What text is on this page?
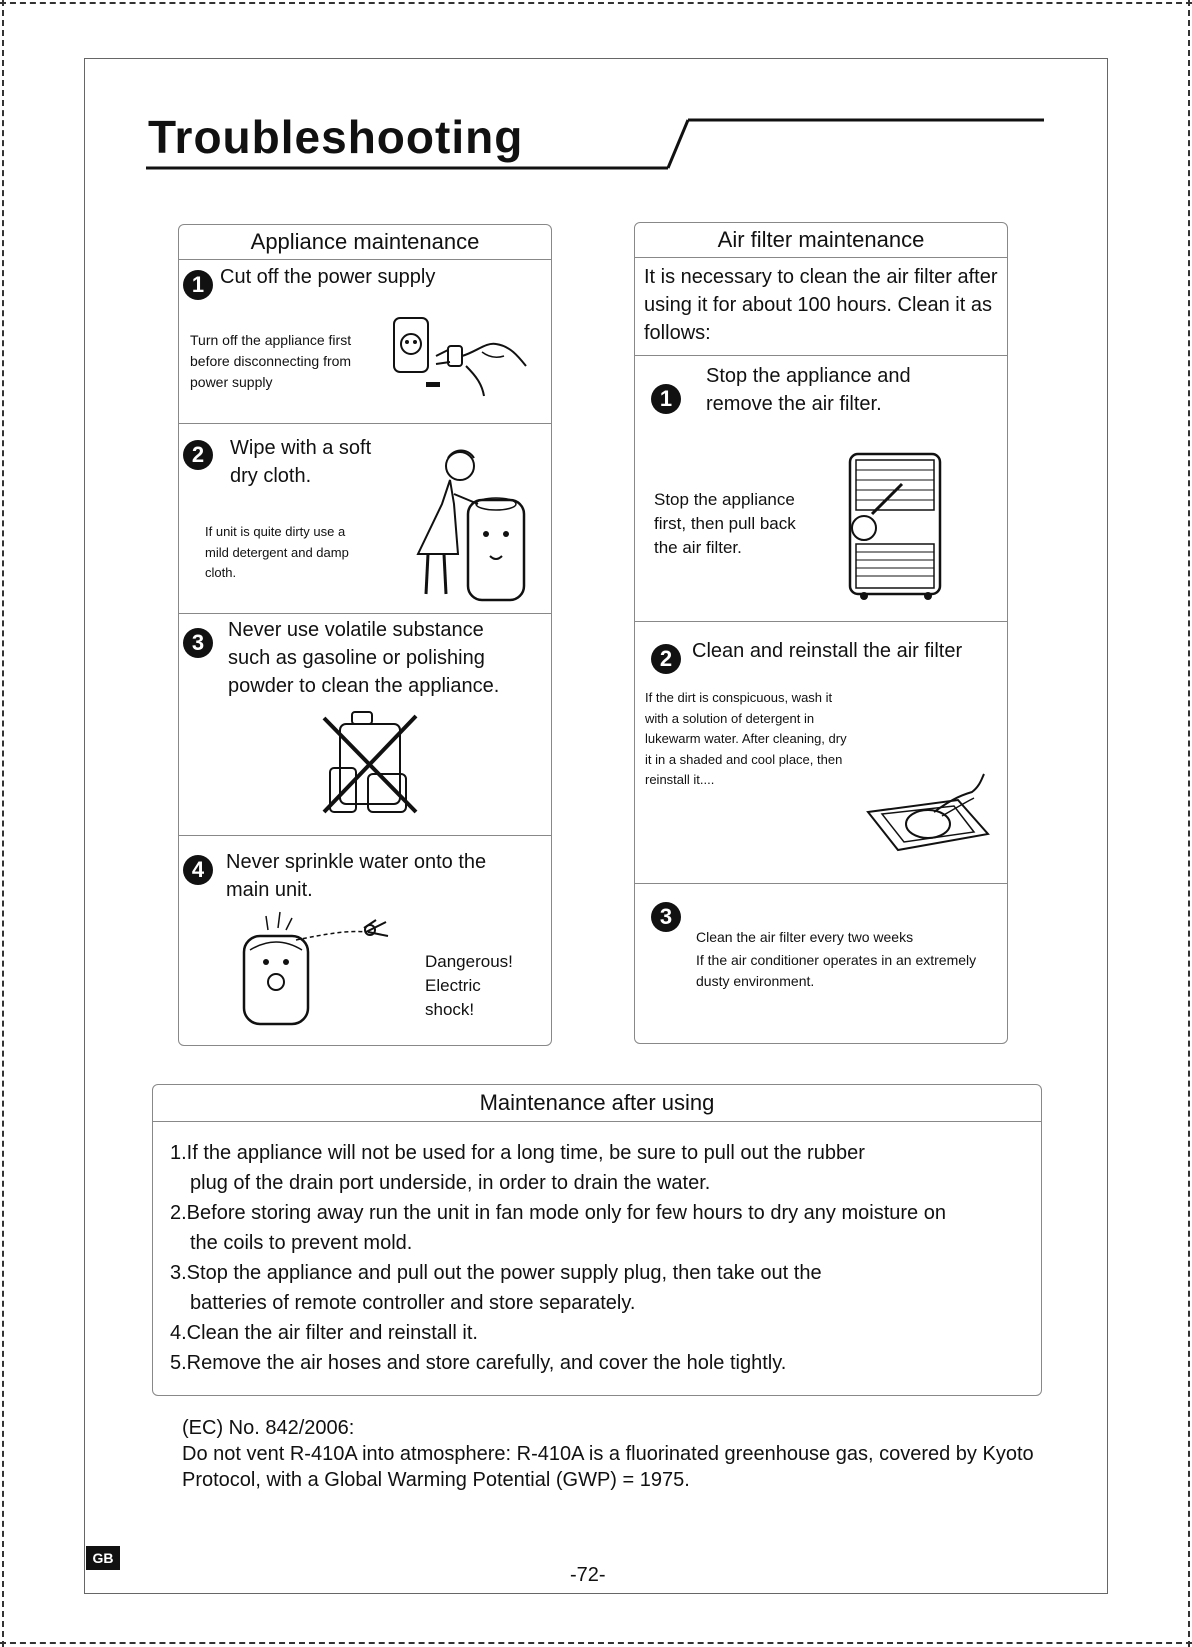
Troubleshooting
Appliance maintenance
1 Cut off the power supply
Turn off the appliance first before disconnecting from power supply
2	Wipe with a soft dry cloth.
If unit is quite dirty use a mild detergent and damp cloth.
3	Never use volatile substance such as gasoline or polishing powder to clean the appliance.
4	Never sprinkle water onto the main unit.
Dangerous! Electric shock!
Air filter maintenance
It is necessary to clean the air filter after using it for about 100 hours. Clean it as follows:
1
Stop the appliance and remove the air filter.
Stop the appliance first, then pull back the air filter.
2 Clean and reinstall the air filter
If the dirt is conspicuous, wash it with a solution of detergent in lukewarm water. After cleaning, dry it in a shaded and cool place, then reinstall it....
3
Clean the air filter every two weeks
If the air conditioner operates in an extremely dusty environment.
Maintenance after using
1.If the appliance will not be used for a long time, be sure to pull out the rubber
plug of the drain port underside, in order to drain the water.
2.Before storing away run the unit in fan mode only for few hours to dry any moisture on
the coils to prevent mold.
3.Stop the appliance and pull out the power supply plug, then take out the
batteries of remote controller and store separately.
4.Clean the air filter and reinstall it.
5.Remove the air hoses and store carefully, and cover the hole tightly.
(EC) No. 842/2006:
Do not vent R-410A into atmosphere: R-410A is a fluorinated greenhouse gas, covered by Kyoto Protocol, with a Global Warming Potential (GWP) = 1975.
GB
-72-
